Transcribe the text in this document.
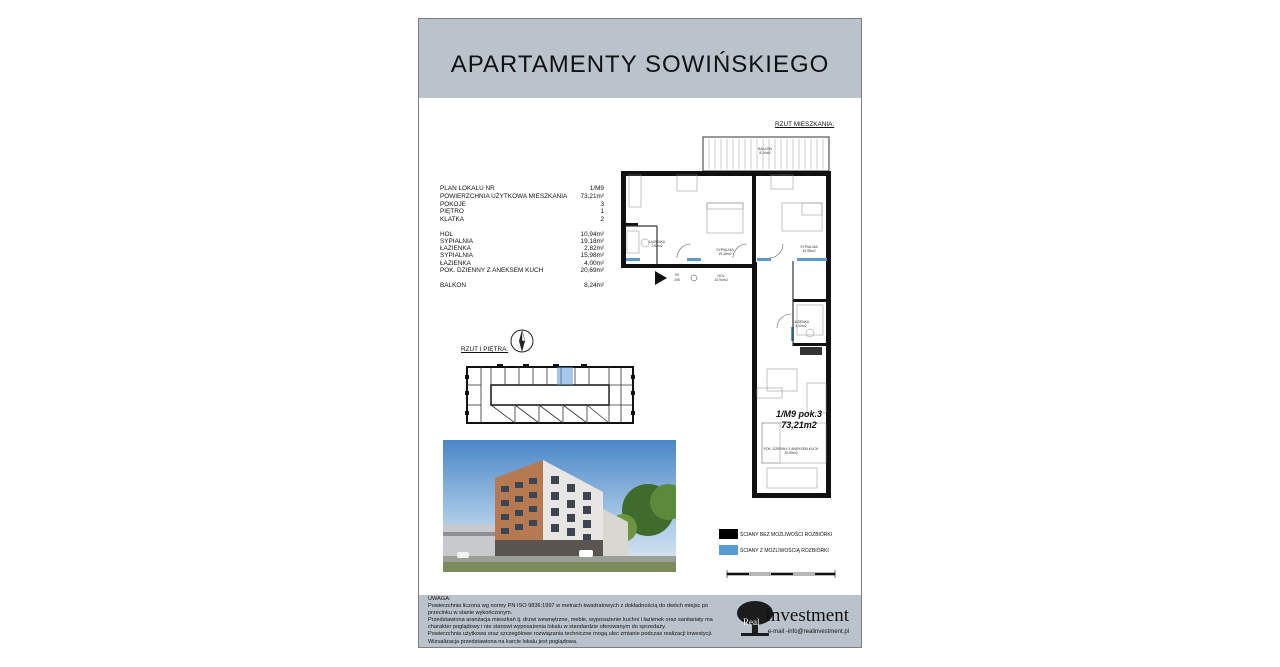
APARTAMENTY SOWIŃSKIEGO
PLAN LOKALU NR	1/M9
POWIERZCHNIA UŻYTKOWA MIESZKANIA 73,21m²
POKOJE	3
PIĘTRO	1
KLATKA	2
HOL	10,94m²
SYPIALNIA	19,18m²
ŁAZIENKA	2,82m²
SYPIALNIA	15,98m²
ŁAZIENKA	4,00m²
POK. DZIENNY Z ANEKSEM KUCH	20,69m²
BALKON	8,24m²
RZUT MIESZKANIA:
BALKON
8,24m2
ŁAZIENKA
2,82m2
SYPIALNIA
19,18m2
SYPIALNIA
15,98m2
HOL
10,94m2
ŁAZIENKA
4,00m2
POK. DZIENNY Z ANEKSEM KUCH
20,69m2
90
205
1/M9 pok.3
73,21m2
RZUT I PIĘTRA:
ŚCIANY BEZ MOŻLIWOŚCI ROZBIÓRKI
ŚCIANY Z MOŻLIWOŚCIĄ ROZBIÓRKI
UWAGA:
Powierzchnia liczona wg normy PN ISO 9836:1997 w metrach kwadratowych z dokładnością do dwóch miejsc po
przecinku w stanie wykończonym.
Przedstawiona aranżacja mieszkań tj. drzwi wewnętrzne, meble, wyposażenie kuchni i łazienek oraz sanitariaty ma
charakter poglądowy i nie stanowi wyposażenia lokalu w standardzie oferowanym do sprzedaży.
Powierzchnia użytkowa oraz szczegółowe rozwiązania techniczne mogą ulec zmianie podczas realizacji inwestycji.
Wizualizacja przedstawiona na karcie lokalu jest poglądowa.
Real Investment
e-mail -info@realinvestment.pl
